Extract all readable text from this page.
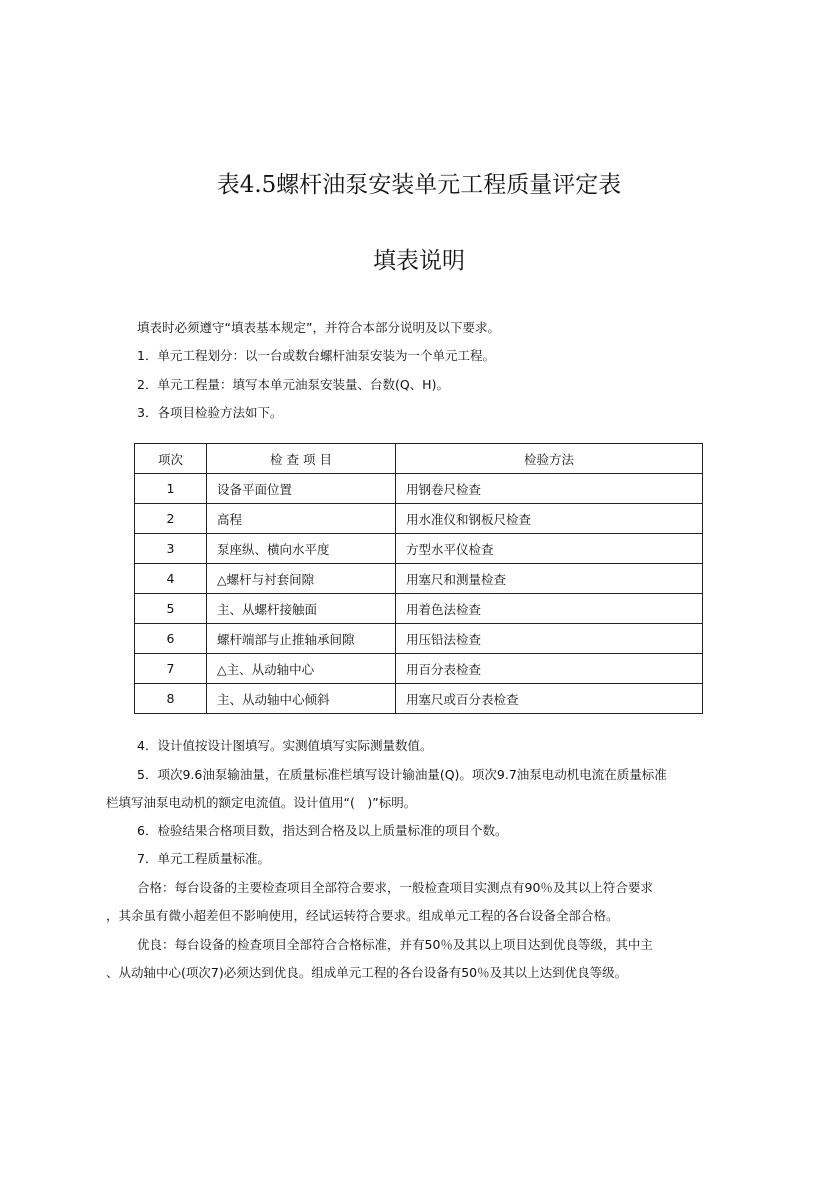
表4.5螺杆油泵安装单元工程质量评定表
填表说明
填表时必须遵守“填表基本规定”，并符合本部分说明及以下要求。
1．单元工程划分：以一台或数台螺杆油泵安装为一个单元工程。
2．单元工程量：填写本单元油泵安装量、台数(Q、H)。
3．各项目检验方法如下。
项次	检 查 项 目	检验方法
1	设备平面位置	用钢卷尺检查
2	高程	用水准仪和钢板尺检查
3	泵座纵、横向水平度	方型水平仪检查
4	△螺杆与衬套间隙	用塞尺和测量检查
5	主、从螺杆接触面	用着色法检查
6	螺杆端部与止推轴承间隙	用压铅法检查
7	△主、从动轴中心	用百分表检查
8	主、从动轴中心倾斜	用塞尺或百分表检查
4．设计值按设计图填写。实测值填写实际测量数值。
5．项次9.6油泵输油量，在质量标准栏填写设计输油量(Q)。项次9.7油泵电动机电流在质量标准
栏填写油泵电动机的额定电流值。设计值用“(　)”标明。
6．检验结果合格项目数，指达到合格及以上质量标准的项目个数。
7．单元工程质量标准。
合格：每台设备的主要检查项目全部符合要求，一般检查项目实测点有90％及其以上符合要求
，其余虽有微小超差但不影响使用，经试运转符合要求。组成单元工程的各台设备全部合格。
优良：每台设备的检查项目全部符合合格标准，并有50％及其以上项目达到优良等级，其中主
、从动轴中心(项次7)必须达到优良。组成单元工程的各台设备有50％及其以上达到优良等级。
